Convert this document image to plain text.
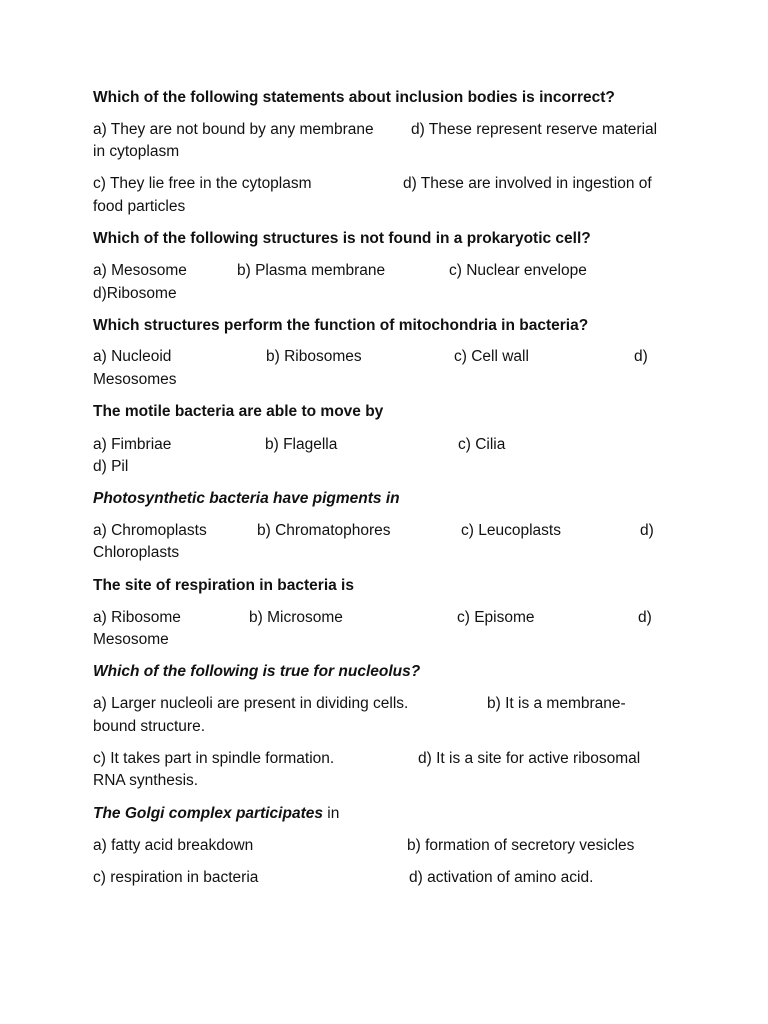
Which of the following statements about inclusion bodies is incorrect?

a) They are not bound by any membrane

d) These represent reserve material

in cytoplasm

c) They lie free in the cytoplasm

	d) These are involved in ingestion of

food particles
Which of the following structures is not found in a prokaryotic cell?

a) Mesosome

	b) Plasma membrane

	c) Nuclear envelope

d)Ribosome
Which structures perform the function of mitochondria in bacteria?

a) Nucleoid

	b) Ribosomes

	c) Cell wall

	d)

Mesosomes
The motile bacteria are able to move by

a) Fimbriae

	b) Flagella

	c) Cilia

d) Pil
Photosynthetic bacteria have pigments in

a) Chromoplasts

	b) Chromatophores

	c) Leucoplasts

	d)

Chloroplasts
The site of respiration in bacteria is

a) Ribosome

	b) Microsome

	c) Episome

	d)

Mesosome
Which of the following is true for nucleolus?

a) Larger nucleoli are present in dividing cells.

	b) It is a membrane-

bound structure.

c) It takes part in spindle formation.

	d) It is a site for active ribosomal

RNA synthesis.
The Golgi complex participates in

a) fatty acid breakdown

	b) formation of secretory vesicles

c) respiration in bacteria

	d) activation of amino acid.
